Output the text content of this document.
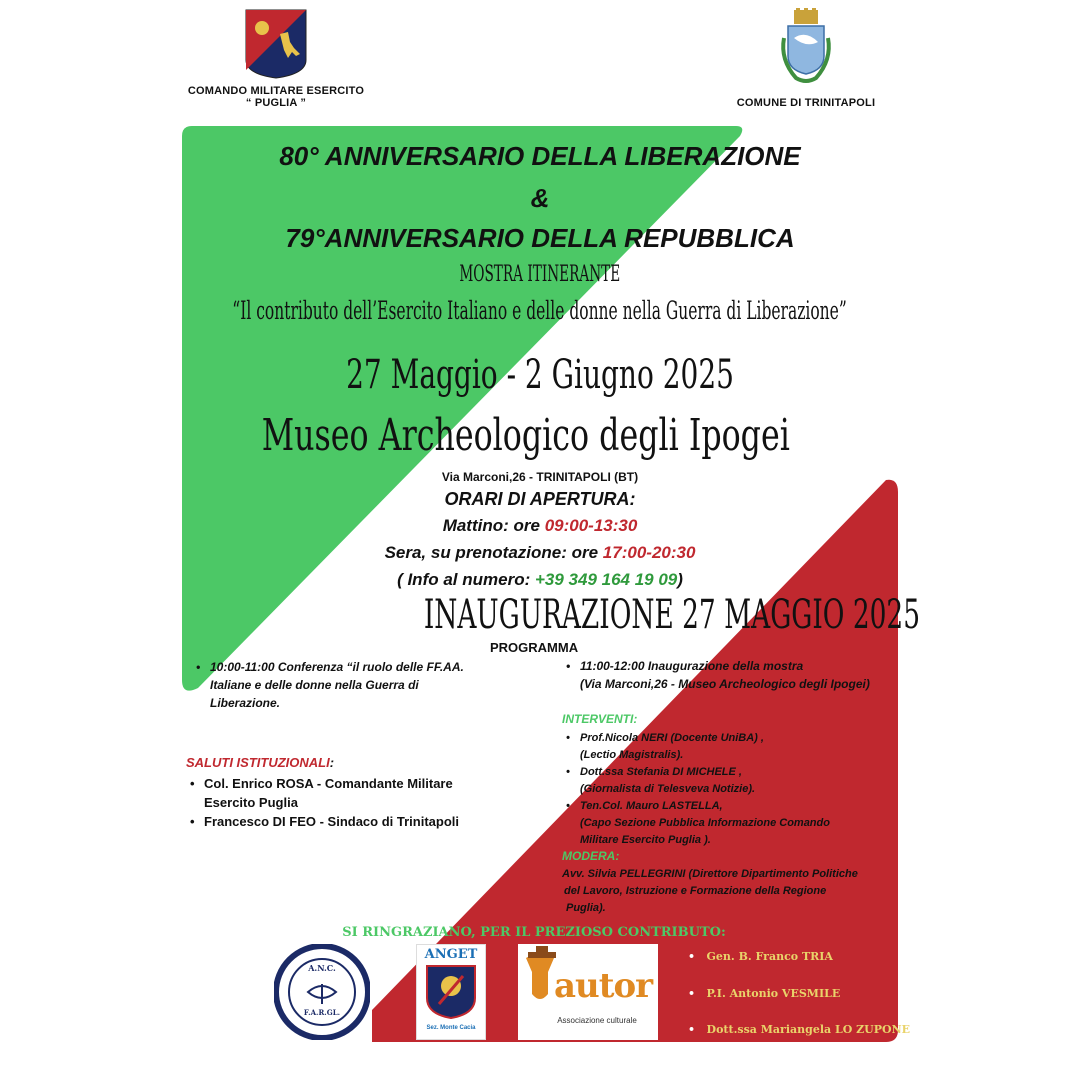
COMANDO MILITARE ESERCITO
“ PUGLIA ”	COMUNE DI TRINITAPOLI
80° ANNIVERSARIO DELLA LIBERAZIONE
&
79°ANNIVERSARIO DELLA REPUBBLICA
MOSTRA ITINERANTE
“Il contributo dell’Esercito Italiano e delle donne nella Guerra di Liberazione”
27 Maggio - 2 Giugno 2025
Museo Archeologico degli Ipogei
Via Marconi,26 - TRINITAPOLI (BT)
ORARI DI APERTURA:
Mattino: ore 09:00-13:30
Sera, su prenotazione: ore 17:00-20:30
( Info al numero: +39 349 164 19 09)
INAUGURAZIONE 27 MAGGIO 2025
PROGRAMMA
• 10:00-11:00 Conferenza “il ruolo delle FF.AA.
Italiane e delle donne nella Guerra di
Liberazione.
• 11:00-12:00 Inaugurazione della mostra
(Via Marconi,26 - Museo Archeologico degli Ipogei)
SALUTI ISTITUZIONALI:
• Col. Enrico ROSA - Comandante Militare
Esercito Puglia
• Francesco DI FEO - Sindaco di Trinitapoli
INTERVENTI:
• Prof.Nicola NERI (Docente UniBA) ,
(Lectio Magistralis).
• Dott.ssa Stefania DI MICHELE ,
(Giornalista di Telesveva Notizie).
• Ten.Col. Mauro LASTELLA,
(Capo Sezione Pubblica Informazione Comando
Militare Esercito Puglia ).
MODERA:
Avv. Silvia PELLEGRINI (Direttore Dipartimento Politiche
del Lavoro, Istruzione e Formazione della Regione
Puglia).
SI RINGRAZIANO, PER IL PREZIOSO CONTRIBUTO:
A.N.C.
F.A.R.GL.
ANGET
Sez. Monte Cacia
autor
Associazione culturale
• Gen. B. Franco TRIA
• P.I. Antonio VESMILE
• Dott.ssa Mariangela LO ZUPONE
